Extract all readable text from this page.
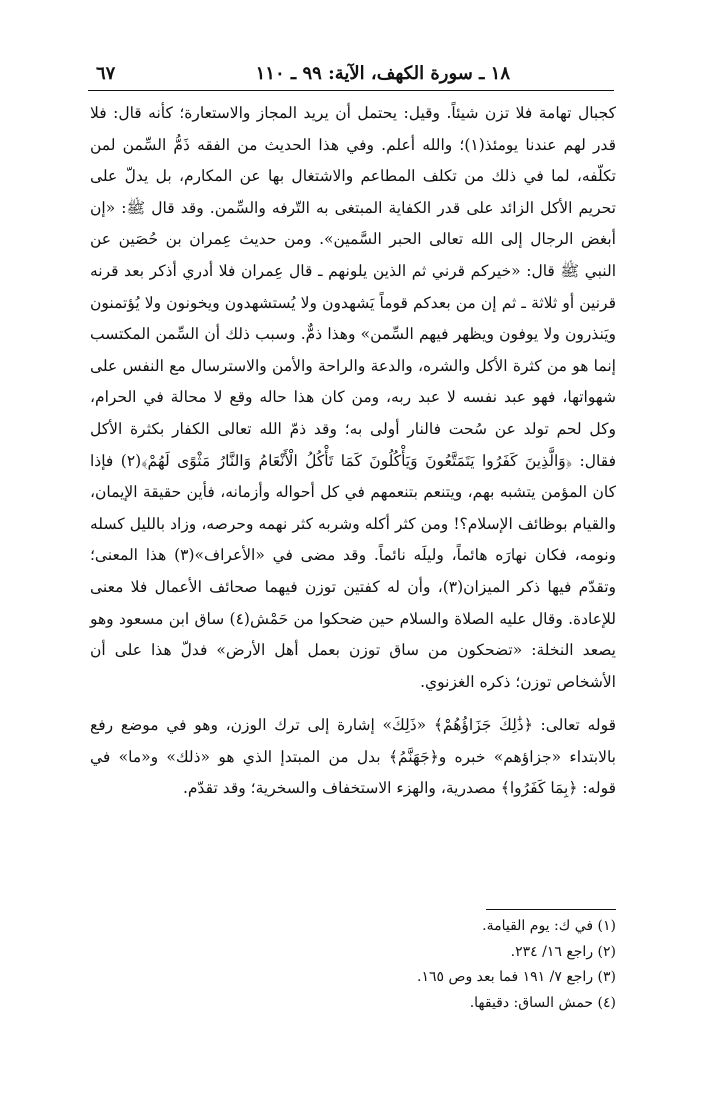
١٨ ـ سورة الكهف، الآية: ٩٩ ـ ١١٠
٦٧

كجبال تهامة فلا تزن شيئاً. وقيل: يحتمل أن يريد المجاز والاستعارة؛ كأنه قال: فلا قدر لهم عندنا يومئذ(١)؛ والله أعلم. وفي هذا الحديث من الفقه ذَمُّ السِّمن لمن تكلّفه، لما في ذلك من تكلف المطاعم والاشتغال بها عن المكارم، بل يدلّ على تحريم الأكل الزائد على قدر الكفاية المبتغى به التّرفه والسِّمن. وقد قال ﷺ: «إن أبغض الرجال إلى الله تعالى الحبر السَّمين». ومن حديث عِمران بن حُصَين عن النبي ﷺ قال: «خيركم قرني ثم الذين يلونهم ـ قال عِمران فلا أدري أذكر بعد قرنه قرنين أو ثلاثة ـ ثم إن من بعدكم قوماً يَشهدون ولا يُستشهدون ويخونون ولا يُؤتمنون ويَنذرون ولا يوفون ويظهر فيهم السِّمن» وهذا ذمٌّ. وسبب ذلك أن السِّمن المكتسب إنما هو من كثرة الأكل والشره، والدعة والراحة والأمن والاسترسال مع النفس على شهواتها، فهو عبد نفسه لا عبد ربه، ومن كان هذا حاله وقع لا محالة في الحرام، وكل لحم تولد عن سُحت فالنار أولى به؛ وقد ذمّ الله تعالى الكفار بكثرة الأكل فقال: ﴿وَالَّذِينَ كَفَرُوا يَتَمَتَّعُونَ وَيَأْكُلُونَ كَمَا تَأْكُلُ الْأَنْعَامُ وَالنَّارُ مَثْوًى لَهُمْ﴾(٢) فإذا كان المؤمن يتشبه بهم، ويتنعم بتنعمهم في كل أحواله وأزمانه، فأين حقيقة الإيمان، والقيام بوظائف الإسلام؟! ومن كثر أكله وشربه كثر نهمه وحرصه، وزاد بالليل كسله ونومه، فكان نهارَه هائماً، وليلَه نائماً. وقد مضى في «الأعراف»(٣) هذا المعنى؛ وتقدّم فيها ذكر الميزان(٣)، وأن له كفتين توزن فيهما صحائف الأعمال فلا معنى للإعادة. وقال عليه الصلاة والسلام حين ضحكوا من حَمْش(٤) ساق ابن مسعود وهو يصعد النخلة: «تضحكون من ساق توزن بعمل أهل الأرض» فدلّ هذا على أن الأشخاص توزن؛ ذكره الغزنوي.

قوله تعالى: ﴿ذَٰلِكَ جَزَاؤُهُمْ﴾ «ذَلِكَ» إشارة إلى ترك الوزن، وهو في موضع رفع بالابتداء «جزاؤهم» خبره و﴿جَهَنَّمُ﴾ بدل من المبتدإ الذي هو «ذلك» و«ما» في قوله: ﴿بِمَا كَفَرُوا﴾ مصدرية، والهزء الاستخفاف والسخرية؛ وقد تقدّم.

(١) في ك: يوم القيامة.
(٢) راجع ١٦/ ٢٣٤.
(٣) راجع ٧/ ١٩١ فما بعد وص ١٦٥.
(٤) حمش الساق: دقيقها.
